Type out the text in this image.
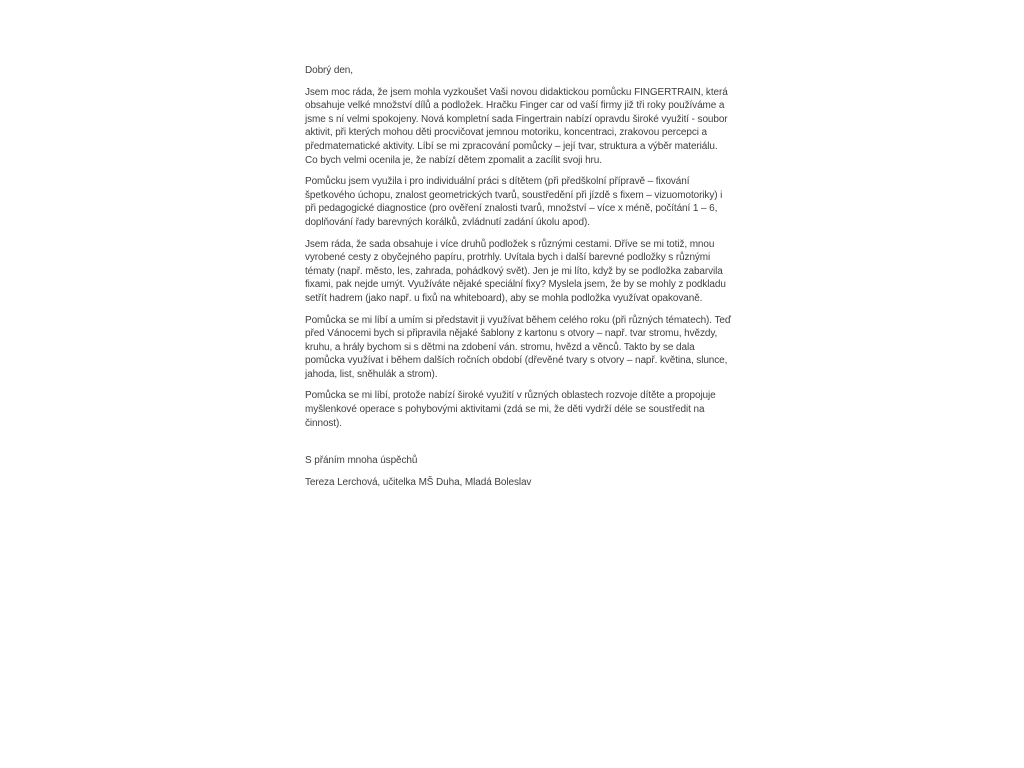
Dobrý den,

Jsem moc ráda, že jsem mohla vyzkoušet Vaši novou didaktickou pomůcku FINGERTRAIN, která obsahuje velké množství dílů a podložek. Hračku Finger car od vaší firmy již tři roky používáme a jsme s ní velmi spokojeny. Nová kompletní sada Fingertrain nabízí opravdu široké využití - soubor aktivit, při kterých mohou děti procvičovat jemnou motoriku, koncentraci, zrakovou percepci a předmatematické aktivity. Líbí se mi zpracování pomůcky – její tvar, struktura a výběr materiálu.  Co bych velmi ocenila je, že nabízí dětem zpomalit a zacílit svoji hru.

Pomůcku jsem využila i pro individuální práci s dítětem (při předškolní přípravě – fixování špetkového úchopu, znalost geometrických tvarů, soustředění při jízdě s fixem – vizuomotoriky) i při pedagogické diagnostice (pro ověření znalosti tvarů, množství – více x méně, počítání 1 – 6, doplňování řady barevných korálků, zvládnutí zadání úkolu apod).

Jsem ráda, že sada obsahuje i více druhů podložek s různými cestami. Dříve se mi totiž, mnou vyrobené cesty z obyčejného papíru, protrhly. Uvítala bych i další barevné podložky s různými tématy (např. město, les, zahrada, pohádkový svět). Jen je mi líto, když by se podložka zabarvila fixami, pak nejde umýt. Využíváte nějaké speciální fixy? Myslela jsem, že by se mohly z podkladu setřít hadrem (jako např. u fixů na whiteboard), aby se mohla podložka využívat opakovaně.

Pomůcka se mi líbí a umím si představit ji využívat během celého roku (při různých tématech). Teď před Vánocemi bych si připravila nějaké šablony z kartonu s otvory – např. tvar stromu, hvězdy, kruhu, a hrály bychom si s dětmi na zdobení ván. stromu, hvězd a věnců. Takto by se dala pomůcka využívat i během dalších ročních období (dřevěné tvary s otvory – např. květina, slunce, jahoda, list, sněhulák a strom).

Pomůcka se mi líbí, protože nabízí široké využití v různých oblastech rozvoje dítěte a propojuje myšlenkové operace s pohybovými aktivitami (zdá se mi, že děti vydrží déle se soustředit na činnost).

S přáním mnoha úspěchů

Tereza Lerchová, učitelka MŠ Duha, Mladá Boleslav
